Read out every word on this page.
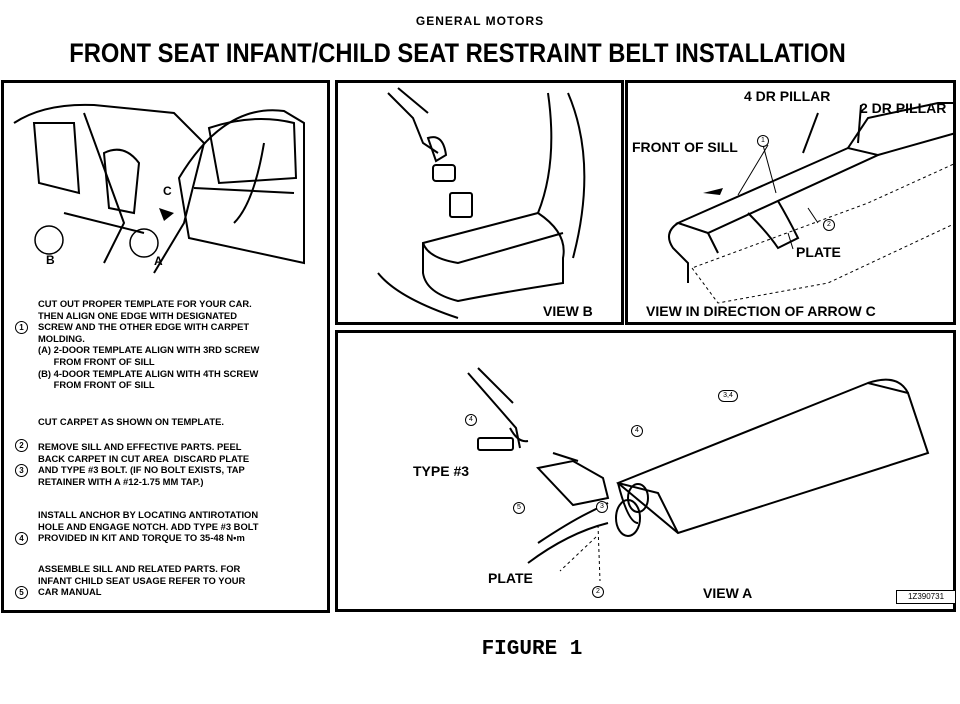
GENERAL MOTORS
FRONT SEAT INFANT/CHILD SEAT RESTRAINT BELT INSTALLATION
B	A
C

1

CUT OUT PROPER TEMPLATE FOR YOUR CAR.
THEN ALIGN ONE EDGE WITH DESIGNATED
SCREW AND THE OTHER EDGE WITH CARPET
MOLDING.
(A) 2-DOOR TEMPLATE ALIGN WITH 3RD SCREW
FROM FRONT OF SILL
(B) 4-DOOR TEMPLATE ALIGN WITH 4TH SCREW
FROM FRONT OF SILL

2

CUT CARPET AS SHOWN ON TEMPLATE.

3

REMOVE SILL AND EFFECTIVE PARTS. PEEL
BACK CARPET IN CUT AREA  DISCARD PLATE
AND TYPE #3 BOLT. (IF NO BOLT EXISTS, TAP
RETAINER WITH A #12-1.75 MM TAP.)

4

INSTALL ANCHOR BY LOCATING ANTIROTATION
HOLE AND ENGAGE NOTCH. ADD TYPE #3 BOLT
PROVIDED IN KIT AND TORQUE TO 35-48 N•m

5

ASSEMBLE SILL AND RELATED PARTS. FOR
INFANT CHILD SEAT USAGE REFER TO YOUR
CAR MANUAL

VIEW B
4 DR PILLAR
2 DR PILLAR
FRONT OF SILL	1
2
PLATE
VIEW IN DIRECTION OF ARROW C
4
4
5	3
2
3,4
TYPE #3
PLATE
VIEW A	1Z390731
FIGURE 1
